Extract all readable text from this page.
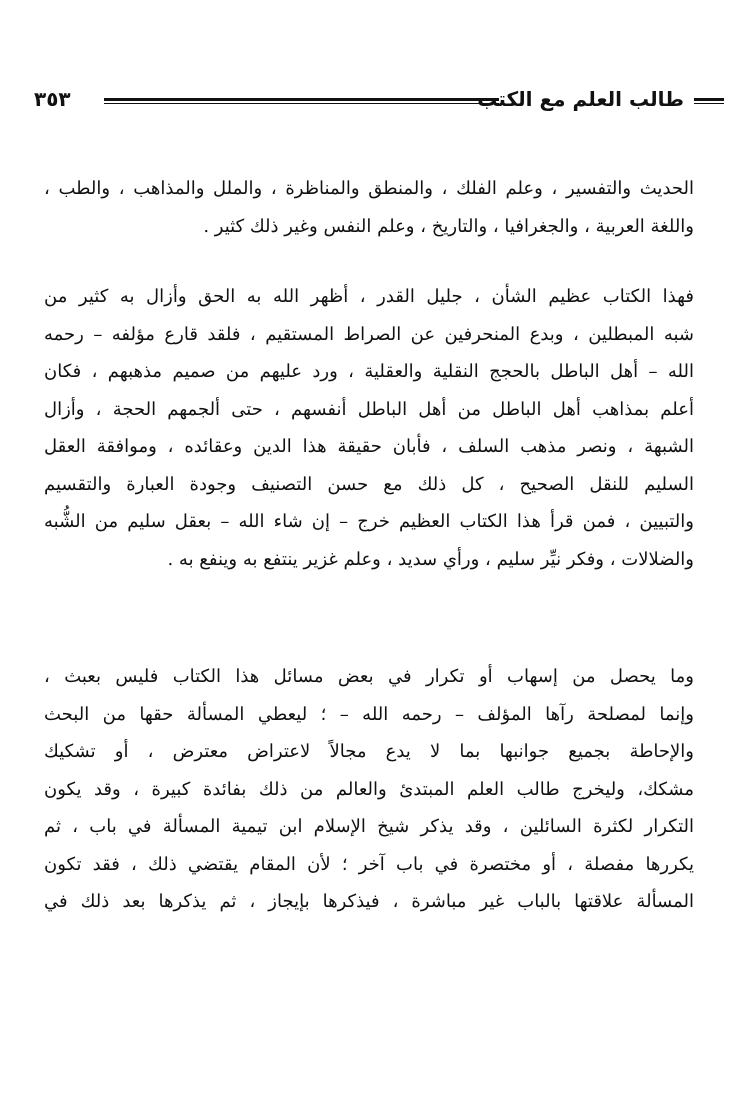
٣٥٣	طالب العلم مع الكتب
الحديث والتفسير ، وعلم الفلك ، والمنطق والمناظرة ، والملل والمذاهب ، والطب ،
واللغة العربية ، والجغرافيا ، والتاريخ ، وعلم النفس وغير ذلك كثير .
فهذا الكتاب عظيم الشأن ، جليل القدر ، أظهر الله به الحق وأزال به كثير من
شبه المبطلين ، وبدع المنحرفين عن الصراط المستقيم ، فلقد قارع مؤلفه – رحمه
الله – أهل الباطل بالحجج النقلية والعقلية ، ورد عليهم من صميم مذهبهم ، فكان
أعلم بمذاهب أهل الباطل من أهل الباطل أنفسهم ، حتى ألجمهم الحجة ، وأزال
الشبهة ، ونصر مذهب السلف ، فأبان حقيقة هذا الدين وعقائده ، وموافقة العقل
السليم للنقل الصحيح ، كل ذلك مع حسن التصنيف وجودة العبارة والتقسيم
والتبيين ، فمن قرأ هذا الكتاب العظيم خرج – إن شاء الله – بعقل سليم من الشُّبه
والضلالات ، وفكر نيِّر سليم ، ورأي سديد ، وعلم غزير ينتفع به وينفع به .
وما يحصل من إسهاب أو تكرار في بعض مسائل هذا الكتاب فليس بعبث ،
وإنما لمصلحة رآها المؤلف – رحمه الله – ؛ ليعطي المسألة حقها من البحث
والإحاطة بجميع جوانبها بما لا يدع مجالاً لاعتراض معترض ، أو تشكيك
مشكك، وليخرج طالب العلم المبتدئ والعالم من ذلك بفائدة كبيرة ، وقد يكون
التكرار لكثرة السائلين ، وقد يذكر شيخ الإسلام ابن تيمية المسألة في باب ، ثم
يكررها مفصلة ، أو مختصرة في باب آخر ؛ لأن المقام يقتضي ذلك ، فقد تكون
المسألة علاقتها بالباب غير مباشرة ، فيذكرها بإيجاز ، ثم يذكرها بعد ذلك في
